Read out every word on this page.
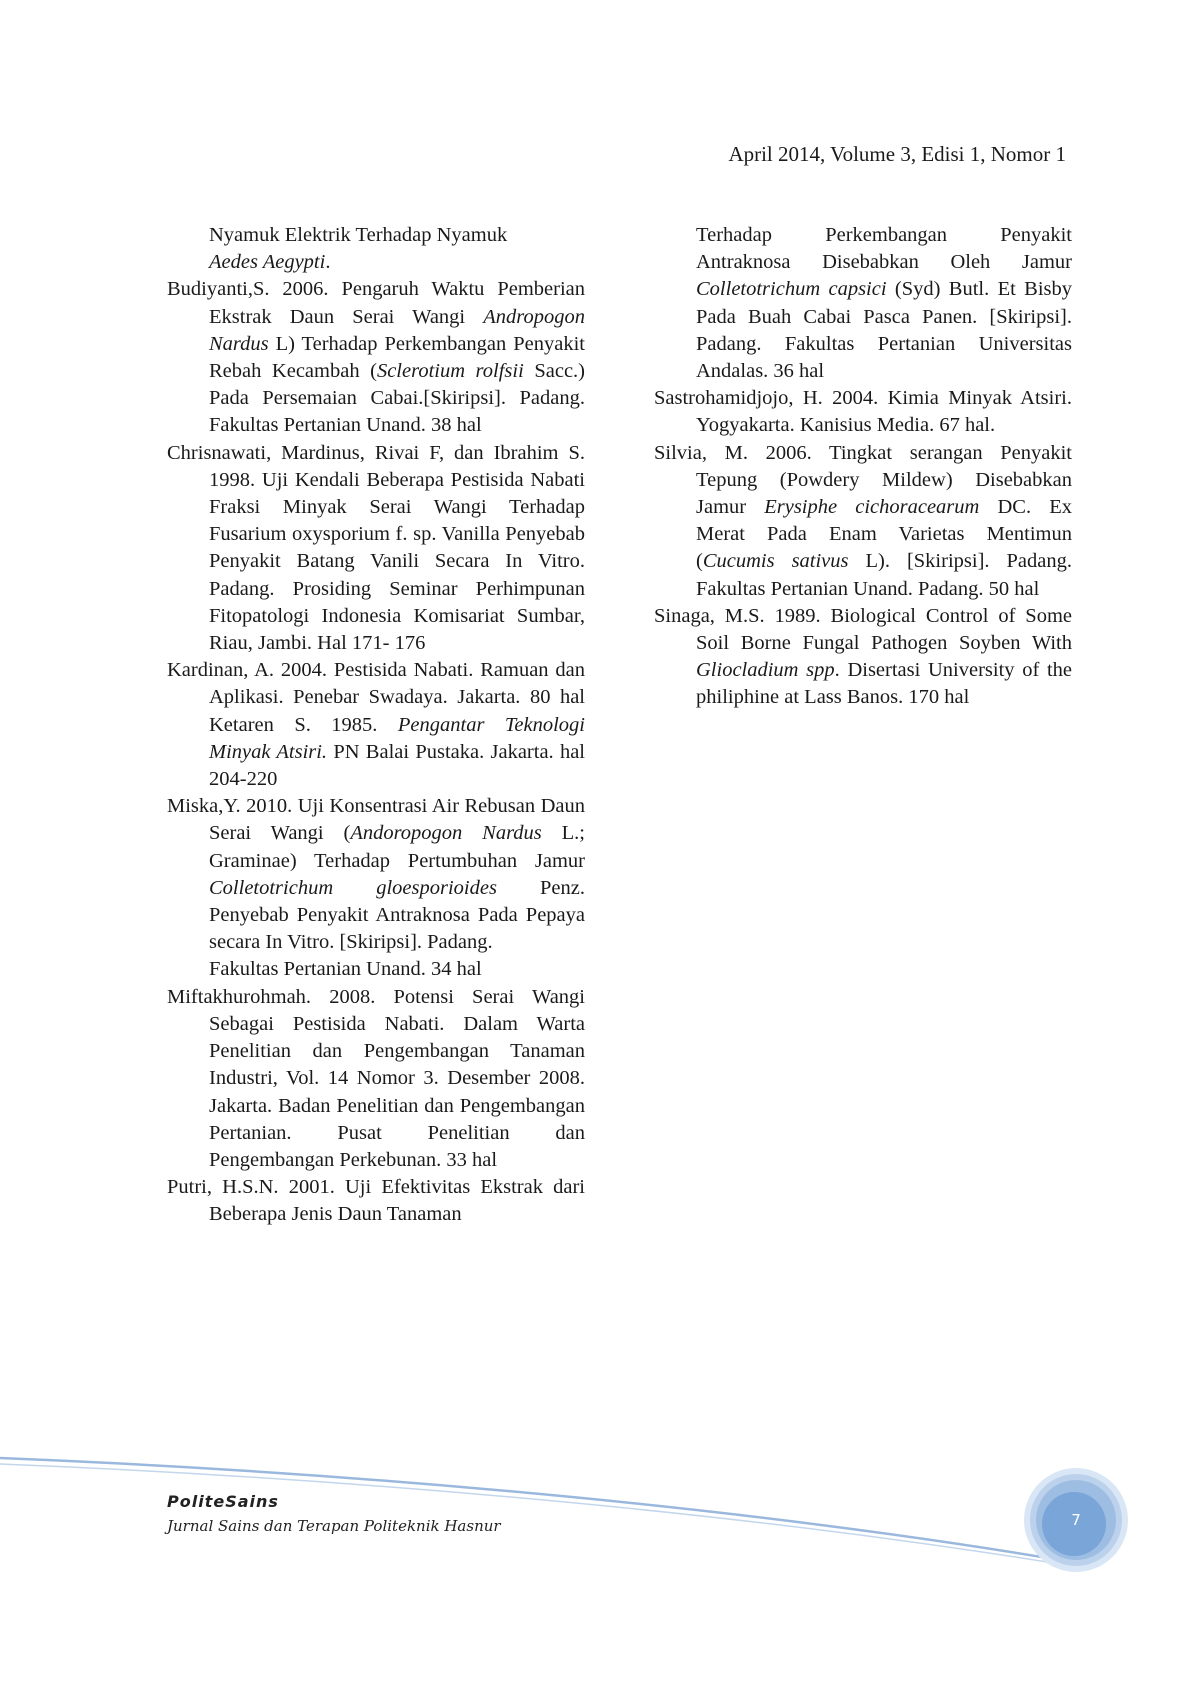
April 2014, Volume 3, Edisi 1, Nomor 1

Nyamuk Elektrik Terhadap Nyamuk
Aedes Aegypti.

Budiyanti,S. 2006. Pengaruh Waktu Pemberian Ekstrak Daun Serai Wangi Andropogon Nardus L) Terhadap Perkembangan Penyakit Rebah Kecambah (Sclerotium rolfsii Sacc.) Pada Persemaian Cabai.[Skiripsi]. Padang. Fakultas Pertanian Unand. 38 hal

Chrisnawati, Mardinus, Rivai F, dan Ibrahim S. 1998. Uji Kendali Beberapa Pestisida Nabati Fraksi Minyak Serai Wangi Terhadap Fusarium oxysporium f. sp. Vanilla Penyebab Penyakit Batang Vanili Secara In Vitro. Padang. Prosiding Seminar Perhimpunan Fitopatologi Indonesia Komisariat Sumbar, Riau, Jambi. Hal 171- 176

Kardinan, A. 2004. Pestisida Nabati. Ramuan dan Aplikasi. Penebar Swadaya. Jakarta. 80 hal Ketaren S. 1985. Pengantar Teknologi Minyak Atsiri. PN Balai Pustaka. Jakarta. hal 204-220

Miska,Y. 2010. Uji Konsentrasi Air Rebusan Daun Serai Wangi (Andoropogon Nardus L.; Graminae) Terhadap Pertumbuhan Jamur Colletotrichum gloesporioides Penz. Penyebab Penyakit Antraknosa Pada Pepaya secara In Vitro. [Skiripsi]. Padang.

Fakultas Pertanian Unand. 34 hal

Miftakhurohmah. 2008. Potensi Serai Wangi Sebagai Pestisida Nabati. Dalam Warta Penelitian dan Pengembangan Tanaman Industri, Vol. 14 Nomor 3. Desember 2008. Jakarta. Badan Penelitian dan Pengembangan Pertanian. Pusat Penelitian dan Pengembangan Perkebunan. 33 hal

Putri, H.S.N. 2001. Uji Efektivitas Ekstrak dari Beberapa Jenis Daun Tanaman

Terhadap Perkembangan Penyakit Antraknosa Disebabkan Oleh Jamur Colletotrichum capsici (Syd) Butl. Et Bisby Pada Buah Cabai Pasca Panen. [Skiripsi]. Padang. Fakultas Pertanian Universitas Andalas. 36 hal

Sastrohamidjojo, H. 2004. Kimia Minyak Atsiri. Yogyakarta. Kanisius Media. 67 hal.

Silvia, M. 2006. Tingkat serangan Penyakit Tepung (Powdery Mildew) Disebabkan Jamur Erysiphe cichoracearum DC. Ex Merat Pada Enam Varietas Mentimun (Cucumis sativus L). [Skiripsi]. Padang. Fakultas Pertanian Unand. Padang. 50 hal

Sinaga, M.S. 1989. Biological Control of Some Soil Borne Fungal Pathogen Soyben With Gliocladium spp. Disertasi University of the philiphine at Lass Banos. 170 hal

PoliteSains
Jurnal Sains dan Terapan Politeknik Hasnur	7
